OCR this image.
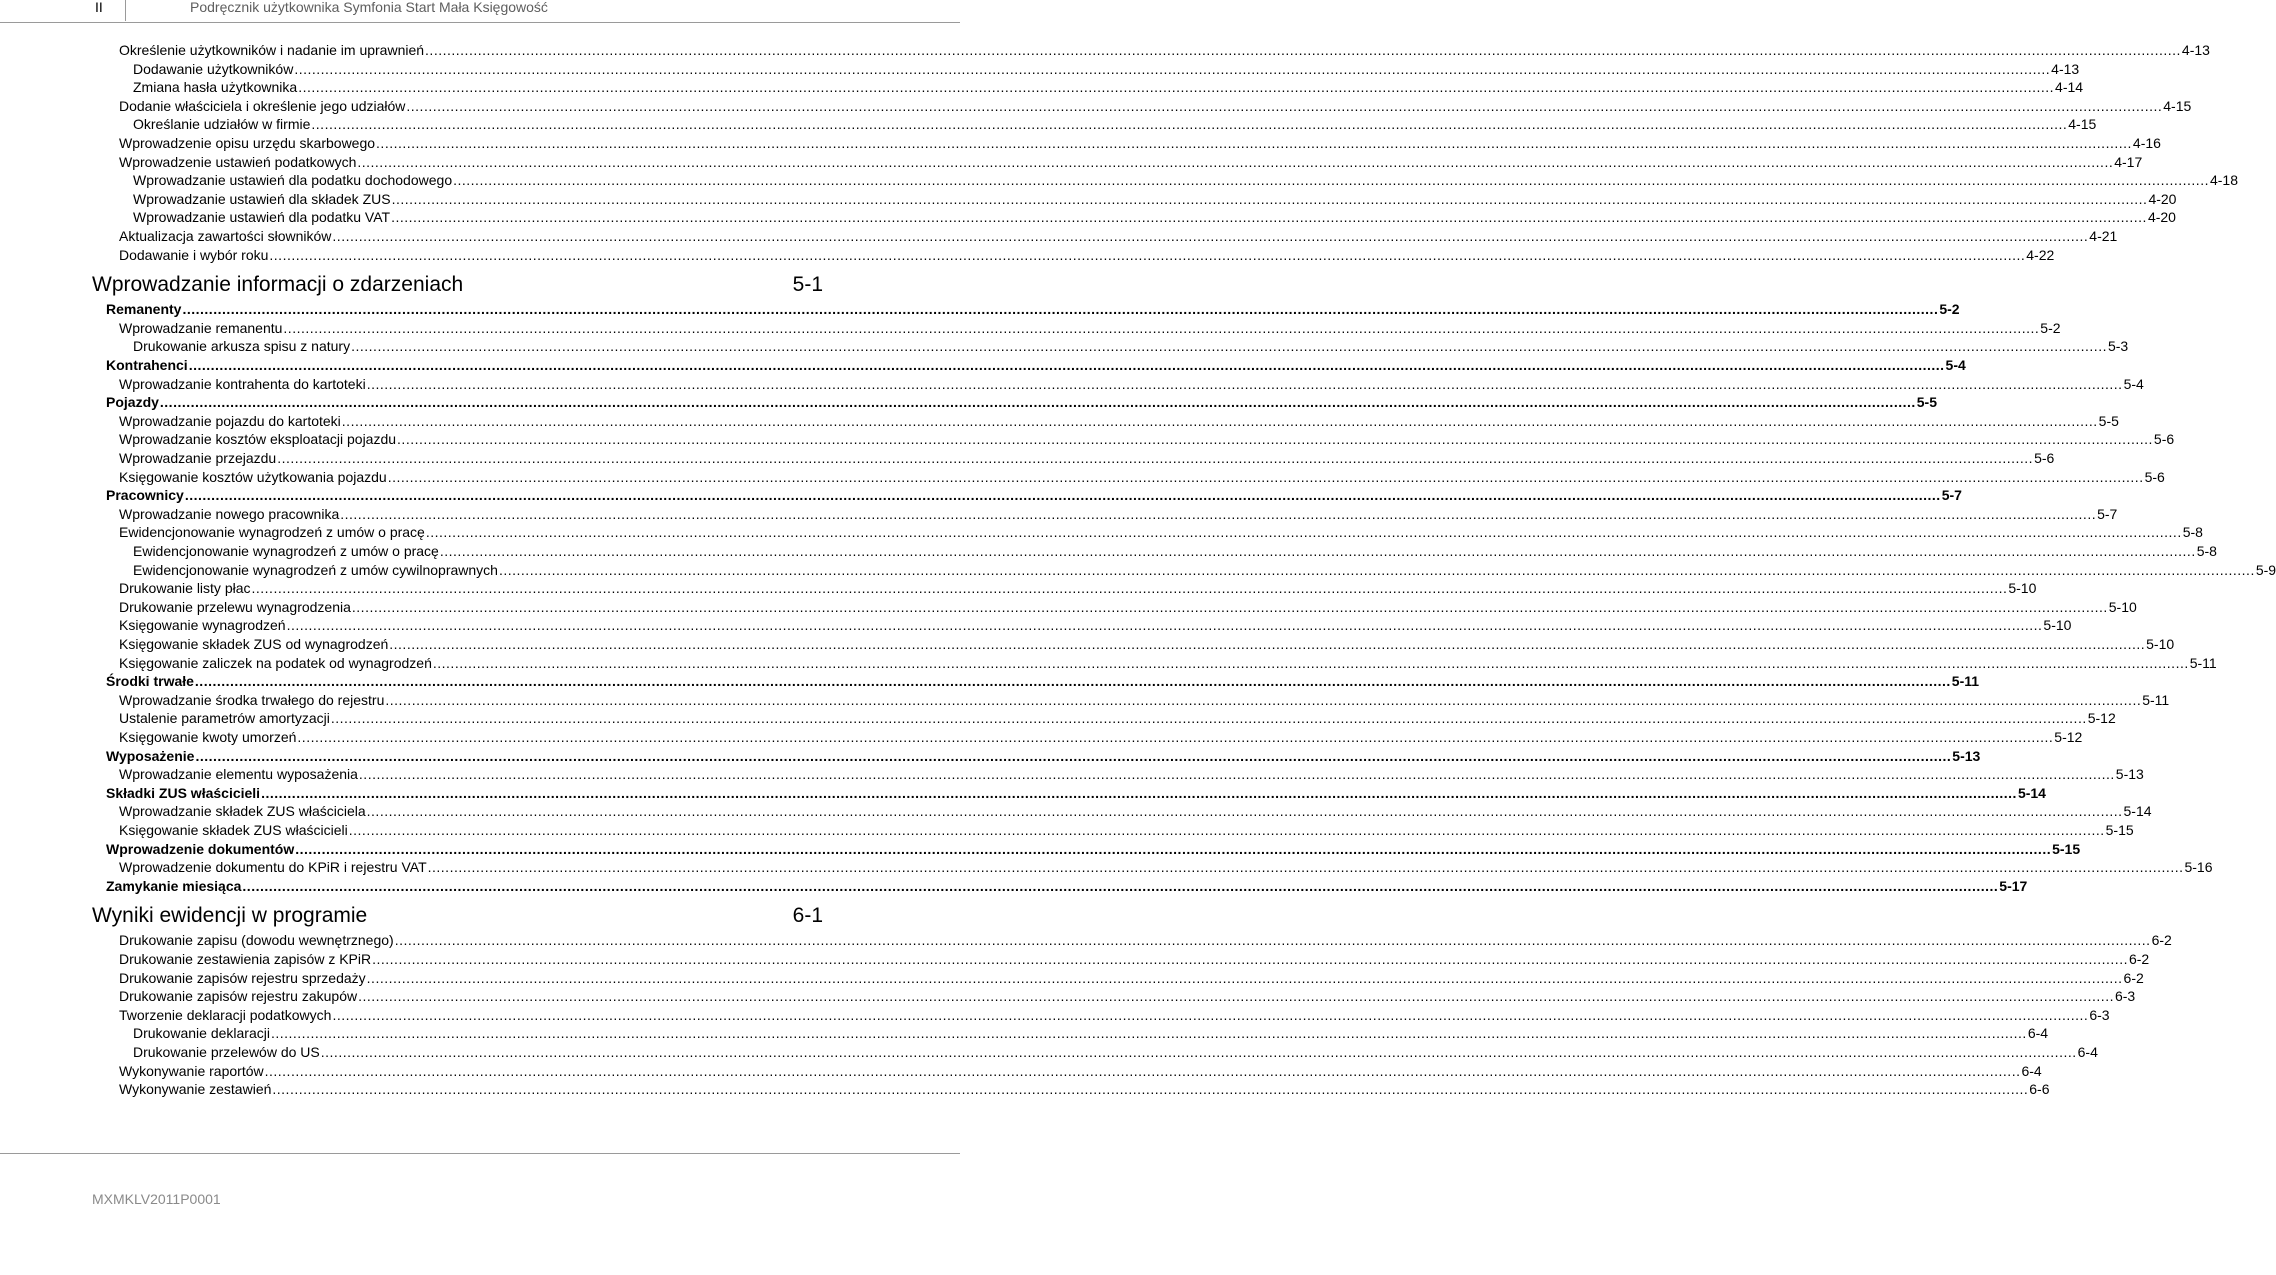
II	Podręcznik użytkownika Symfonia Start Mała Księgowość
Określenie użytkowników i nadanie im uprawnień ................................................................................................................................................................................................................................................................................................................................................................................................................ 4-13
Dodawanie użytkowników ................................................................................................................................................................................................................................................................................................................................................................................................................ 4-13
Zmiana hasła użytkownika ................................................................................................................................................................................................................................................................................................................................................................................................................ 4-14
Dodanie właściciela i określenie jego udziałów ................................................................................................................................................................................................................................................................................................................................................................................................................ 4-15
Określanie udziałów w firmie ................................................................................................................................................................................................................................................................................................................................................................................................................ 4-15
Wprowadzenie opisu urzędu skarbowego ................................................................................................................................................................................................................................................................................................................................................................................................................ 4-16
Wprowadzenie ustawień podatkowych ................................................................................................................................................................................................................................................................................................................................................................................................................ 4-17
Wprowadzanie ustawień dla podatku dochodowego ................................................................................................................................................................................................................................................................................................................................................................................................................ 4-18
Wprowadzanie ustawień dla składek ZUS ................................................................................................................................................................................................................................................................................................................................................................................................................ 4-20
Wprowadzanie ustawień dla podatku VAT ................................................................................................................................................................................................................................................................................................................................................................................................................ 4-20
Aktualizacja zawartości słowników ................................................................................................................................................................................................................................................................................................................................................................................................................ 4-21
Dodawanie i wybór roku ................................................................................................................................................................................................................................................................................................................................................................................................................ 4-22
Wprowadzanie informacji o zdarzeniach	5-1
Remanenty ................................................................................................................................................................................................................................................................................................................................................................................................................ 5-2
Wprowadzanie remanentu ................................................................................................................................................................................................................................................................................................................................................................................................................ 5-2
Drukowanie arkusza spisu z natury ................................................................................................................................................................................................................................................................................................................................................................................................................ 5-3
Kontrahenci ................................................................................................................................................................................................................................................................................................................................................................................................................ 5-4
Wprowadzanie kontrahenta do kartoteki ................................................................................................................................................................................................................................................................................................................................................................................................................ 5-4
Pojazdy ................................................................................................................................................................................................................................................................................................................................................................................................................ 5-5
Wprowadzanie pojazdu do kartoteki ................................................................................................................................................................................................................................................................................................................................................................................................................ 5-5
Wprowadzanie kosztów eksploatacji pojazdu ................................................................................................................................................................................................................................................................................................................................................................................................................ 5-6
Wprowadzanie przejazdu ................................................................................................................................................................................................................................................................................................................................................................................................................ 5-6
Księgowanie kosztów użytkowania pojazdu ................................................................................................................................................................................................................................................................................................................................................................................................................ 5-6
Pracownicy ................................................................................................................................................................................................................................................................................................................................................................................................................ 5-7
Wprowadzanie nowego pracownika ................................................................................................................................................................................................................................................................................................................................................................................................................ 5-7
Ewidencjonowanie wynagrodzeń z umów o pracę ................................................................................................................................................................................................................................................................................................................................................................................................................ 5-8
Ewidencjonowanie wynagrodzeń z umów o pracę ................................................................................................................................................................................................................................................................................................................................................................................................................ 5-8
Ewidencjonowanie wynagrodzeń z umów cywilnoprawnych ................................................................................................................................................................................................................................................................................................................................................................................................................ 5-9
Drukowanie listy płac ................................................................................................................................................................................................................................................................................................................................................................................................................ 5-10
Drukowanie przelewu wynagrodzenia ................................................................................................................................................................................................................................................................................................................................................................................................................ 5-10
Księgowanie wynagrodzeń ................................................................................................................................................................................................................................................................................................................................................................................................................ 5-10
Księgowanie składek ZUS od wynagrodzeń ................................................................................................................................................................................................................................................................................................................................................................................................................ 5-10
Księgowanie zaliczek na podatek od wynagrodzeń ................................................................................................................................................................................................................................................................................................................................................................................................................ 5-11
Środki trwałe ................................................................................................................................................................................................................................................................................................................................................................................................................ 5-11
Wprowadzanie środka trwałego do rejestru ................................................................................................................................................................................................................................................................................................................................................................................................................ 5-11
Ustalenie parametrów amortyzacji ................................................................................................................................................................................................................................................................................................................................................................................................................ 5-12
Księgowanie kwoty umorzeń ................................................................................................................................................................................................................................................................................................................................................................................................................ 5-12
Wyposażenie ................................................................................................................................................................................................................................................................................................................................................................................................................ 5-13
Wprowadzanie elementu wyposażenia ................................................................................................................................................................................................................................................................................................................................................................................................................ 5-13
Składki ZUS właścicieli ................................................................................................................................................................................................................................................................................................................................................................................................................ 5-14
Wprowadzanie składek ZUS właściciela ................................................................................................................................................................................................................................................................................................................................................................................................................ 5-14
Księgowanie składek ZUS właścicieli ................................................................................................................................................................................................................................................................................................................................................................................................................ 5-15
Wprowadzenie dokumentów ................................................................................................................................................................................................................................................................................................................................................................................................................ 5-15
Wprowadzenie dokumentu do KPiR i rejestru VAT ................................................................................................................................................................................................................................................................................................................................................................................................................ 5-16
Zamykanie miesiąca ................................................................................................................................................................................................................................................................................................................................................................................................................ 5-17
Wyniki ewidencji w programie	6-1
Drukowanie zapisu (dowodu wewnętrznego) ................................................................................................................................................................................................................................................................................................................................................................................................................ 6-2
Drukowanie zestawienia zapisów z KPiR ................................................................................................................................................................................................................................................................................................................................................................................................................ 6-2
Drukowanie zapisów rejestru sprzedaży ................................................................................................................................................................................................................................................................................................................................................................................................................ 6-2
Drukowanie zapisów rejestru zakupów ................................................................................................................................................................................................................................................................................................................................................................................................................ 6-3
Tworzenie deklaracji podatkowych ................................................................................................................................................................................................................................................................................................................................................................................................................ 6-3
Drukowanie deklaracji ................................................................................................................................................................................................................................................................................................................................................................................................................ 6-4
Drukowanie przelewów do US ................................................................................................................................................................................................................................................................................................................................................................................................................ 6-4
Wykonywanie raportów ................................................................................................................................................................................................................................................................................................................................................................................................................ 6-4
Wykonywanie zestawień ................................................................................................................................................................................................................................................................................................................................................................................................................ 6-6
MXMKLV2011P0001
